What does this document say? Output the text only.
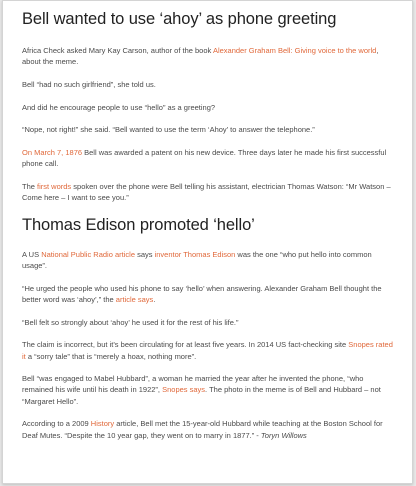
Bell wanted to use ‘ahoy’ as phone greeting

Africa Check asked Mary Kay Carson, author of the book Alexander Graham Bell: Giving voice to the world, about the meme.

Bell “had no such girlfriend”, she told us.

And did he encourage people to use “hello” as a greeting?

“Nope, not right!” she said. “Bell wanted to use the term ‘Ahoy’ to answer the telephone.”

On March 7, 1876 Bell was awarded a patent on his new device. Three days later he made his first successful phone call.

The first words spoken over the phone were Bell telling his assistant, electrician Thomas Watson: “Mr Watson – Come here – I want to see you.”

Thomas Edison promoted ‘hello’

A US National Public Radio article says inventor Thomas Edison was the one “who put hello into common usage”.

“He urged the people who used his phone to say ‘hello’ when answering. Alexander Graham Bell thought the better word was ‘ahoy’,” the article says.

“Bell felt so strongly about ‘ahoy’ he used it for the rest of his life.”

The claim is incorrect, but it’s been circulating for at least five years. In 2014 US fact-checking site Snopes rated it a “sorry tale” that is “merely a hoax, nothing more”.

Bell “was engaged to Mabel Hubbard”, a woman he married the year after he invented the phone, “who remained his wife until his death in 1922”, Snopes says. The photo in the meme is of Bell and Hubbard – not “Margaret Hello”.

According to a 2009 History article, Bell met the 15-year-old Hubbard while teaching at the Boston School for Deaf Mutes. “Despite the 10 year gap, they went on to marry in 1877.” - Toryn Willows
